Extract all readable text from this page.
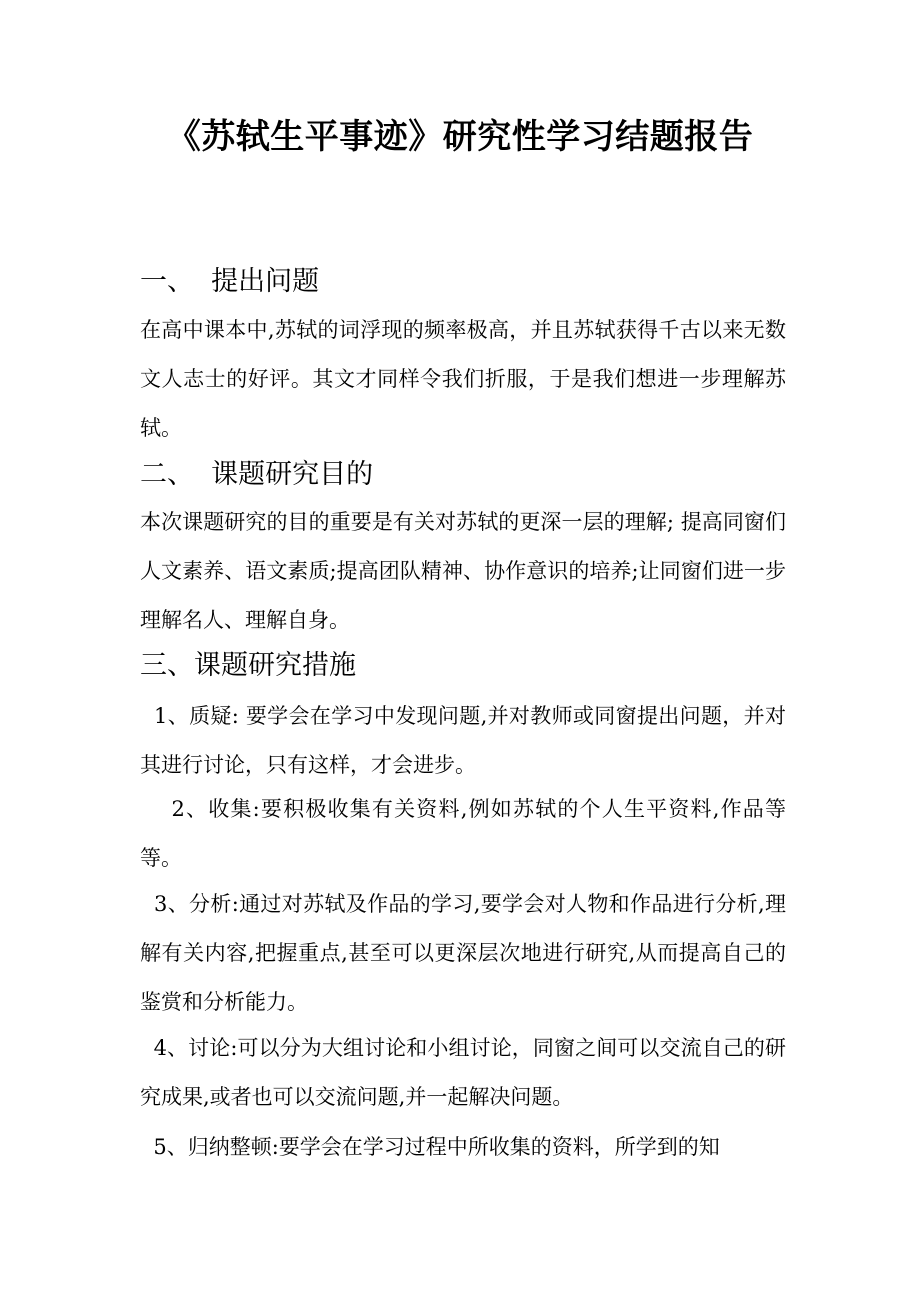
《苏轼生平事迹》研究性学习结题报告
一、  提出问题

在高中课本中,苏轼的词浮现的频率极高，并且苏轼获得千古以来无数文人志士的好评。其文才同样令我们折服，于是我们想进一步理解苏轼。

二、  课题研究目的

本次课题研究的目的重要是有关对苏轼的更深一层的理解; 提高同窗们人文素养、语文素质;提高团队精神、协作意识的培养;让同窗们进一步理解名人、理解自身。

三、课题研究措施

1、质疑: 要学会在学习中发现问题,并对教师或同窗提出问题，并对其进行讨论，只有这样，才会进步。

2、收集:要积极收集有关资料,例如苏轼的个人生平资料,作品等等。

3、分析:通过对苏轼及作品的学习,要学会对人物和作品进行分析,理解有关内容,把握重点,甚至可以更深层次地进行研究,从而提高自己的鉴赏和分析能力。

4、讨论:可以分为大组讨论和小组讨论，同窗之间可以交流自己的研究成果,或者也可以交流问题,并一起解决问题。

5、归纳整顿:要学会在学习过程中所收集的资料，所学到的知
